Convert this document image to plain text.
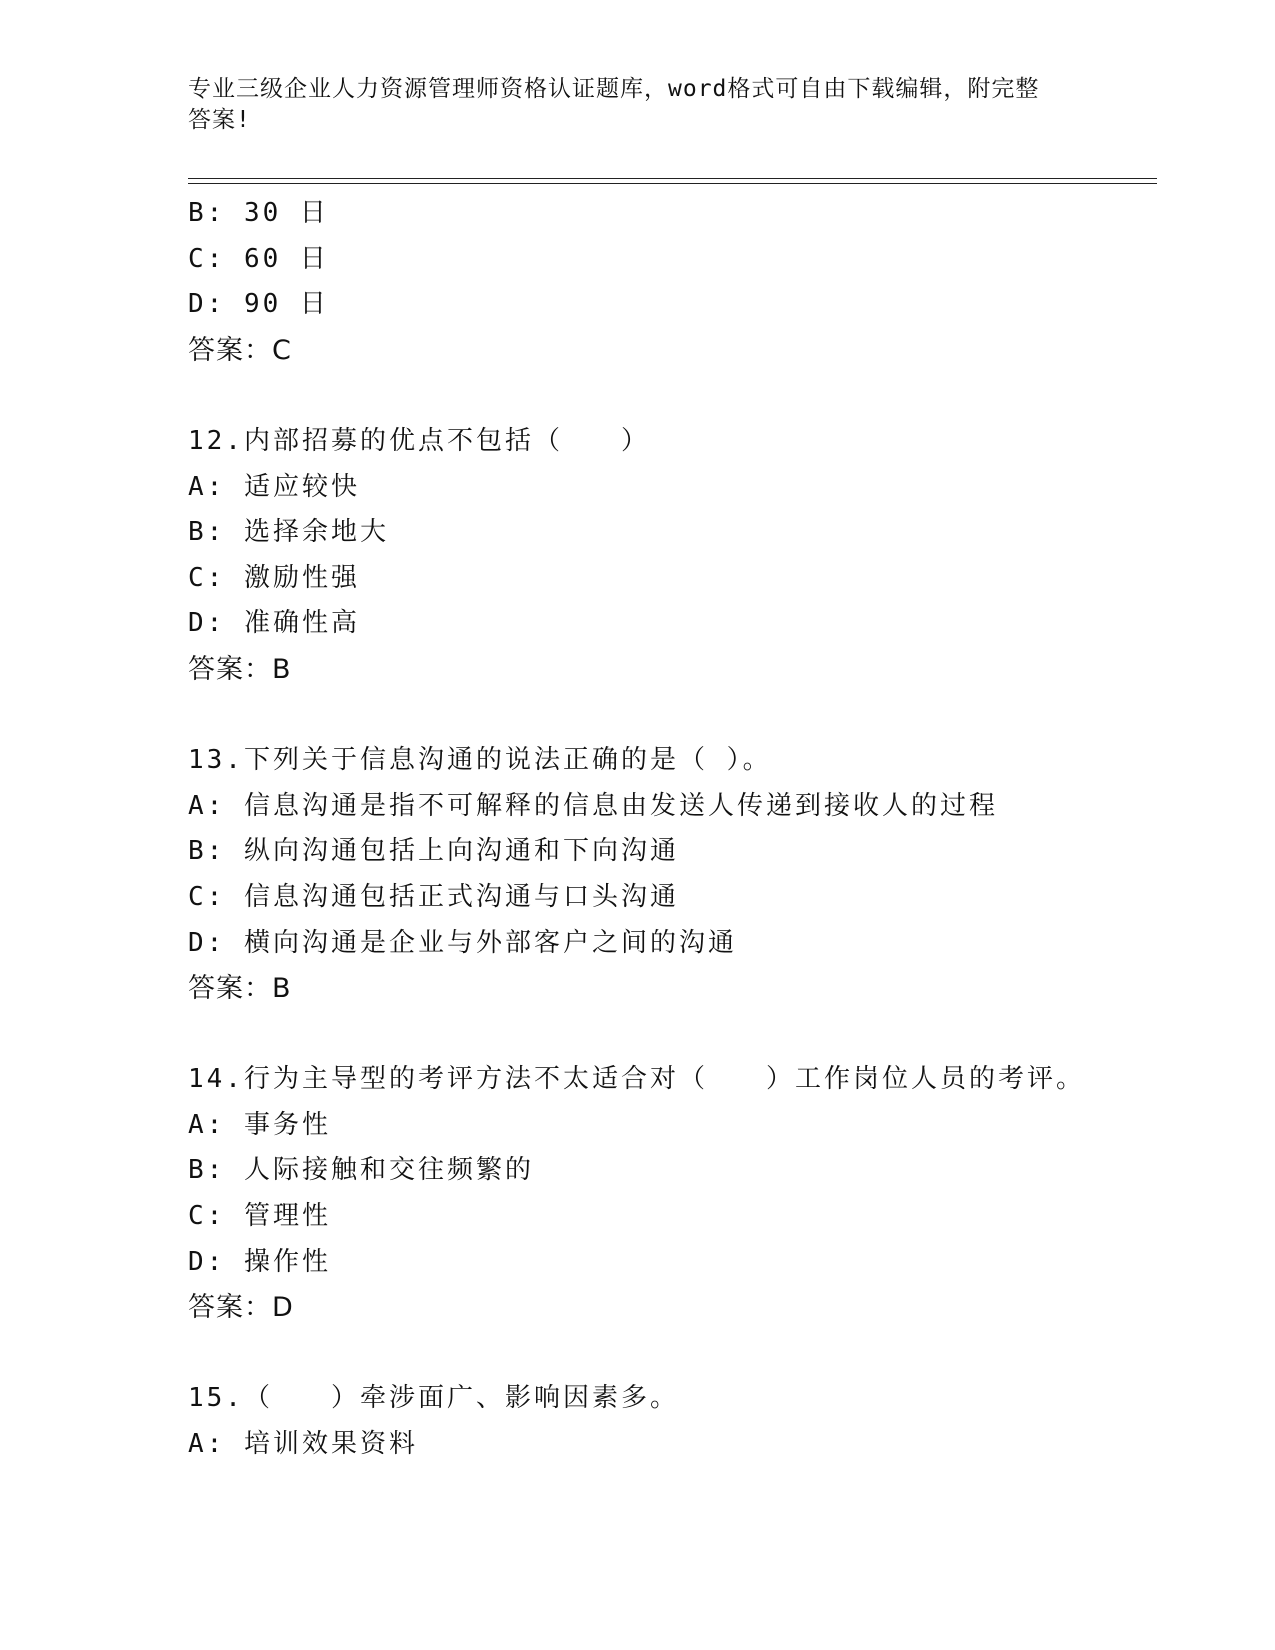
专业三级企业人力资源管理师资格认证题库，word格式可自由下载编辑，附完整
答案!
B: 30 日
C: 60 日
D: 90 日
答案：C
12.内部招募的优点不包括（　　）
A: 适应较快
B: 选择余地大
C: 激励性强
D: 准确性高
答案：B
13.下列关于信息沟通的说法正确的是（ ）。
A: 信息沟通是指不可解释的信息由发送人传递到接收人的过程
B: 纵向沟通包括上向沟通和下向沟通
C: 信息沟通包括正式沟通与口头沟通
D: 横向沟通是企业与外部客户之间的沟通
答案：B
14.行为主导型的考评方法不太适合对（　　）工作岗位人员的考评。
A: 事务性
B: 人际接触和交往频繁的
C: 管理性
D: 操作性
答案：D
15.（　　）牵涉面广、影响因素多。
A: 培训效果资料
